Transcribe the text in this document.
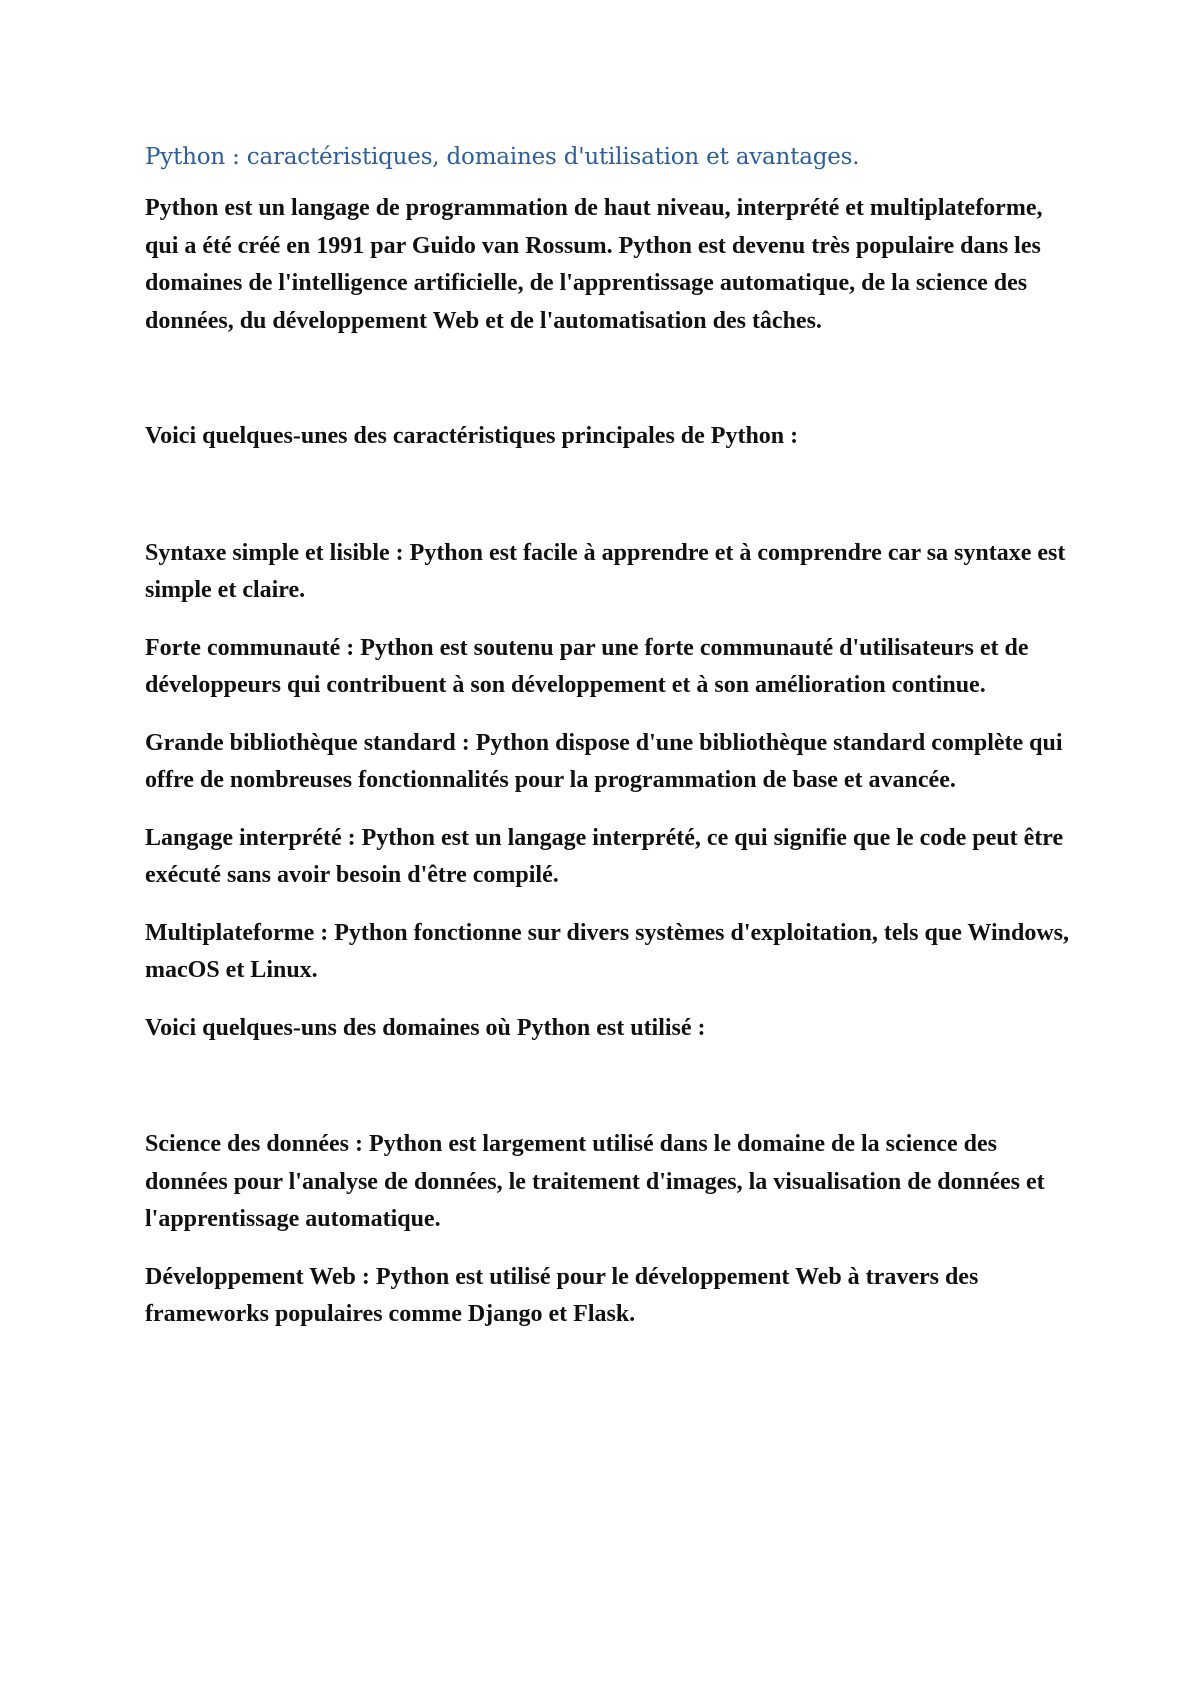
Python : caractéristiques, domaines d'utilisation et avantages.

Python est un langage de programmation de haut niveau, interprété et multiplateforme, qui a été créé en 1991 par Guido van Rossum. Python est devenu très populaire dans les domaines de l'intelligence artificielle, de l'apprentissage automatique, de la science des données, du développement Web et de l'automatisation des tâches.

Voici quelques-unes des caractéristiques principales de Python :

Syntaxe simple et lisible : Python est facile à apprendre et à comprendre car sa syntaxe est simple et claire.

Forte communauté : Python est soutenu par une forte communauté d'utilisateurs et de développeurs qui contribuent à son développement et à son amélioration continue.

Grande bibliothèque standard : Python dispose d'une bibliothèque standard complète qui offre de nombreuses fonctionnalités pour la programmation de base et avancée.

Langage interprété : Python est un langage interprété, ce qui signifie que le code peut être exécuté sans avoir besoin d'être compilé.

Multiplateforme : Python fonctionne sur divers systèmes d'exploitation, tels que Windows, macOS et Linux.

Voici quelques-uns des domaines où Python est utilisé :

Science des données : Python est largement utilisé dans le domaine de la science des données pour l'analyse de données, le traitement d'images, la visualisation de données et l'apprentissage automatique.

Développement Web : Python est utilisé pour le développement Web à travers des frameworks populaires comme Django et Flask.
